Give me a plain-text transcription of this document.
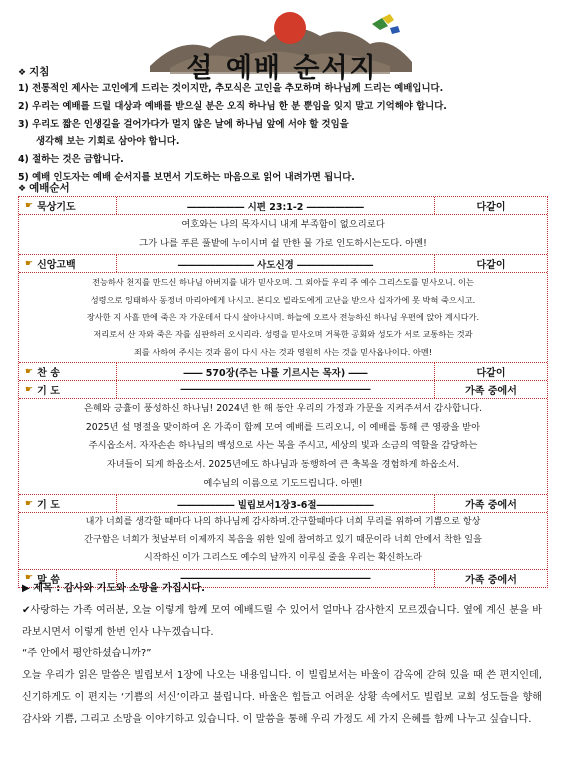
설 예배 순서지
❖ 지침
1) 전통적인 제사는 고인에게 드리는 것이지만, 추모식은 고인을 추모하며 하나님께 드리는 예배입니다.
2) 우리는 예배를 드릴 대상과 예배를 받으실 분은 오직 하나님 한 분 뿐임을 잊지 말고 기억해야 합니다.
3) 우리도 짧은 인생길을 걸어가다가 멀지 않은 날에 하나님 앞에 서야 할 것임을
생각해 보는 기회로 삼아야 합니다.
4) 절하는 것은 금합니다.
5) 예배 인도자는 예배 순서지를 보면서 기도하는 마음으로 읽어 내려가면 됩니다.
❖ 예배순서
☛ 묵상기도	―――――― 시편 23:1-2 ――――――	다같이
여호와는 나의 목자시니 내게 부족함이 없으리로다
그가 나를 푸른 풀밭에 누이시며 쉴 만한 물 가로 인도하시는도다. 아멘!
☛ 신앙고백	―――――――― 사도신경 ――――――――	다같이
전능하사 천지를 만드신 하나님 아버지를 내가 믿사오며. 그 외아들 우리 주 예수 그리스도를 믿사오니. 이는
성령으로 잉태하사 동정녀 마리아에게 나시고. 본디오 빌라도에게 고난을 받으사 십자가에 못 박혀 죽으시고.
장사한 지 사흘 만에 죽은 자 가운데서 다시 살아나시며. 하늘에 오르사 전능하신 하나님 우편에 앉아 계시다가.
저리로서 산 자와 죽은 자를 심판하러 오시리라. 성령을 믿사오며 거룩한 공회와 성도가 서로 교통하는 것과
죄를 사하여 주시는 것과 몸이 다시 사는 것과 영원히 사는 것을 믿사옵나이다. 아멘!
☛ 찬 송	―― 570장(주는 나를 기르시는 목자) ――	다같이
☛ 기 도	――――――――――――――――――――	가족 중에서
은혜와 긍휼이 풍성하신 하나님! 2024년 한 해 동안 우리의 가정과 가문을 지켜주셔서 감사합니다.
2025년 설 명절을 맞이하여 온 가족이 함께 모여 예배를 드리오니, 이 예배를 통해 큰 영광을 받아
주시옵소서. 자자손손 하나님의 백성으로 사는 복을 주시고, 세상의 빛과 소금의 역할을 감당하는
자녀들이 되게 하옵소서. 2025년에도 하나님과 동행하여 큰 축복을 경험하게 하옵소서.
예수님의 이름으로 기도드립니다. 아멘!
☛ 기 도	―――――― 빌립보서1장3-6절――――――	가족 중에서
내가 너희를 생각할 때마다 나의 하나님께 감사하며.간구할때마다 너희 무리를 위하여 기쁨으로 항상
간구함은 너희가 첫날부터 이제까지 복음을 위한 일에 참여하고 있기 때문이라 너희 안에서 착한 일을
시작하신 이가 그리스도 예수의 날까지 이루실 줄을 우리는 확신하노라
☛ 말 씀	――――――――――――――――――――	가족 중에서

▶ 제목 : 감사와 기도와 소망을 가집시다.

✔사랑하는 가족 여러분, 오늘 이렇게 함께 모여 예배드릴 수 있어서 얼마나 감사한지 모르겠습니다. 옆에 계신 분을 바라보시면서 이렇게 한번 인사 나누겠습니다.

“주 안에서 평안하셨습니까?”

오늘 우리가 읽은 말씀은 빌립보서 1장에 나오는 내용입니다. 이 빌립보서는 바울이 감옥에 갇혀 있을 때 쓴 편지인데, 신기하게도 이 편지는 ‘기쁨의 서신’이라고 불립니다. 바울은 힘들고 어려운 상황 속에서도 빌립보 교회 성도들을 향해 감사와 기쁨, 그리고 소망을 이야기하고 있습니다. 이 말씀을 통해 우리 가정도 세 가지 은혜를 함께 나누고 싶습니다.
